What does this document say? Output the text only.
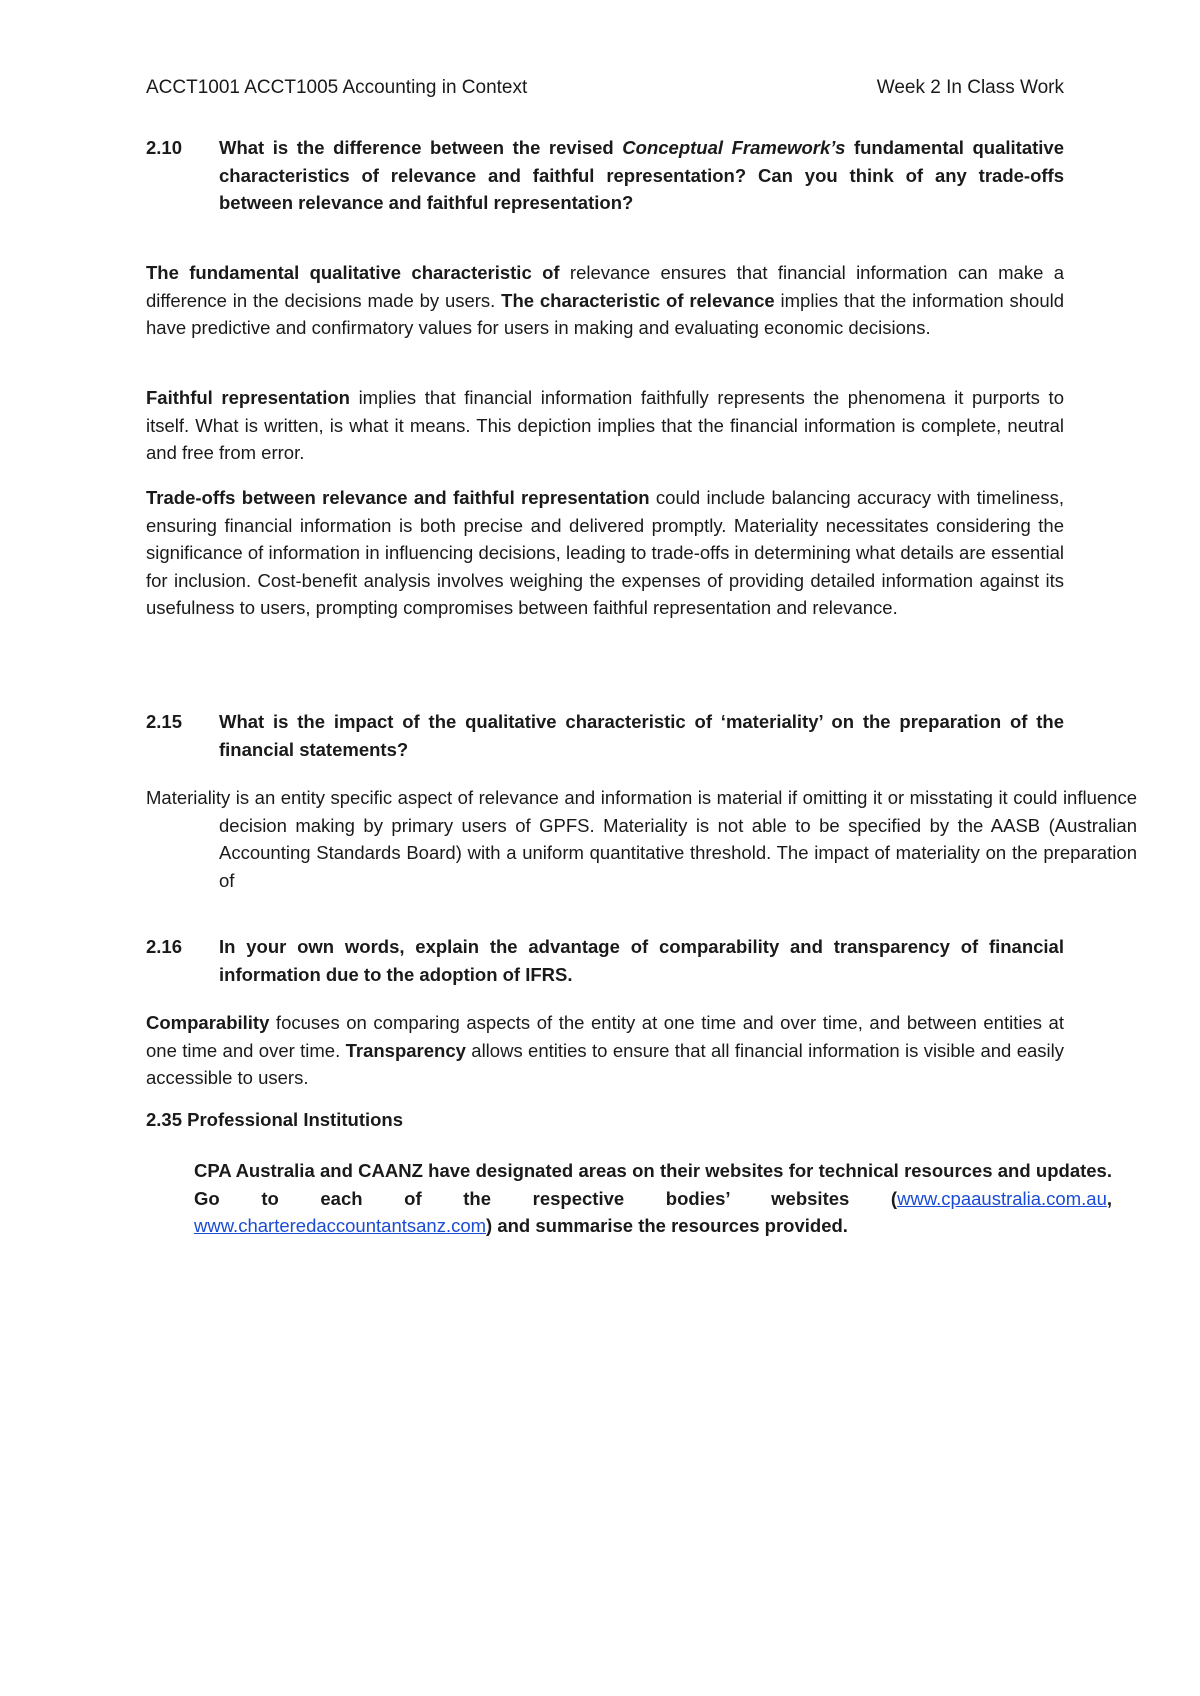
ACCT1001 ACCT1005 Accounting in Context	Week 2 In Class Work
2.10	What is the difference between the revised Conceptual Framework’s fundamental qualitative characteristics of relevance and faithful representation? Can you think of any trade-offs between relevance and faithful representation?

The fundamental qualitative characteristic of relevance ensures that financial information can make a difference in the decisions made by users. The characteristic of relevance implies that the information should have predictive and confirmatory values for users in making and evaluating economic decisions.

Faithful representation implies that financial information faithfully represents the phenomena it purports to itself. What is written, is what it means. This depiction implies that the financial information is complete, neutral and free from error.

Trade-offs between relevance and faithful representation could include balancing accuracy with timeliness, ensuring financial information is both precise and delivered promptly. Materiality necessitates considering the significance of information in influencing decisions, leading to trade-offs in determining what details are essential for inclusion. Cost-benefit analysis involves weighing the expenses of providing detailed information against its usefulness to users, prompting compromises between faithful representation and relevance.

2.15	What is the impact of the qualitative characteristic of ‘materiality’ on the preparation of the financial statements?

Materiality is an entity specific aspect of relevance and information is material if omitting it or misstating it could influence decision making by primary users of GPFS. Materiality is not able to be specified by the AASB (Australian Accounting Standards Board) with a uniform quantitative threshold. The impact of materiality on the preparation of

2.16	In your own words, explain the advantage of comparability and transparency of financial information due to the adoption of IFRS.

Comparability focuses on comparing aspects of the entity at one time and over time, and between entities at one time and over time. Transparency allows entities to ensure that all financial information is visible and easily accessible to users.

2.35 Professional Institutions

CPA Australia and CAANZ have designated areas on their websites for technical resources and updates. Go to each of the respective bodies’ websites (www.cpaaustralia.com.au, www.charteredaccountantsanz.com) and summarise the resources provided.
